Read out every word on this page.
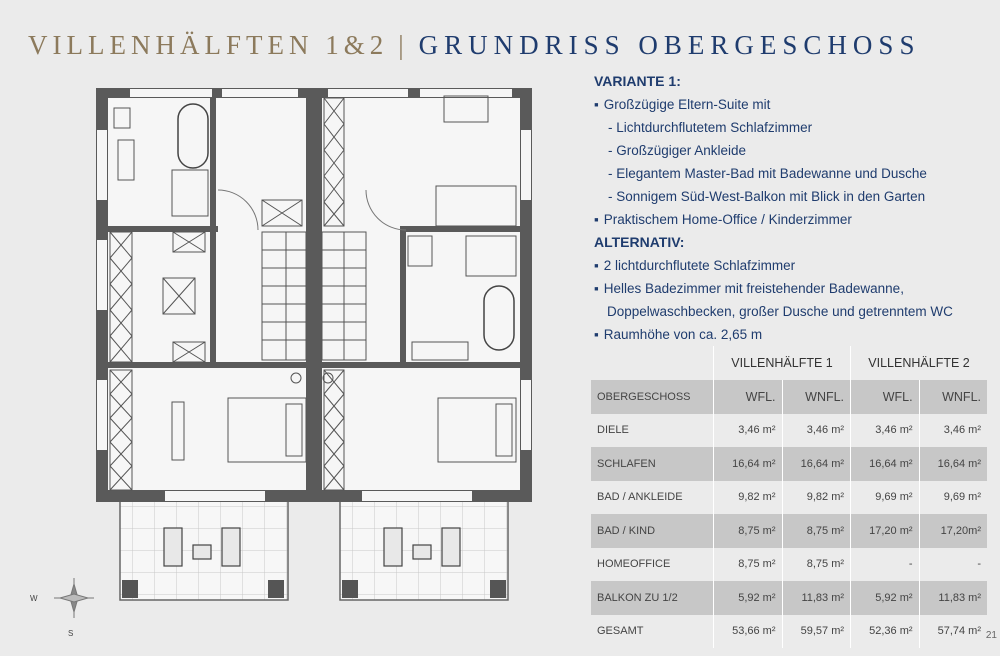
VILLENHÄLFTEN 1&2 | GRUNDRISS OBERGESCHOSS
W
S
VARIANTE 1:
▪ Großzügige Eltern-Suite mit
- Lichtdurchflutetem Schlafzimmer
- Großzügiger Ankleide
- Elegantem Master-Bad mit Badewanne und Dusche
- Sonnigem Süd-West-Balkon mit Blick in den Garten
▪ Praktischem Home-Office / Kinderzimmer
ALTERNATIV:
▪ 2 lichtdurchflutete Schlafzimmer
▪ Helles Badezimmer mit freistehender Badewanne,
Doppelwaschbecken, großer Dusche und getrenntem WC
▪ Raumhöhe von ca. 2,65 m
	VILLENHÄLFTE 1		VILLENHÄLFTE 2	
OBERGESCHOSS	WFL.	WNFL.	WFL.	WNFL.
DIELE	3,46 m²	3,46 m²	3,46 m²	3,46 m²
SCHLAFEN	16,64 m²	16,64 m²	16,64 m²	16,64 m²
BAD / ANKLEIDE	9,82 m²	9,82 m²	9,69 m²	9,69 m²
BAD / KIND	8,75 m²	8,75 m²	17,20 m²	17,20m²
HOMEOFFICE	8,75 m²	8,75 m²	-	-
BALKON ZU 1/2	5,92 m²	11,83 m²	5,92 m²	11,83 m²
GESAMT	53,66 m²	59,57 m²	52,36 m²	57,74 m² 21
